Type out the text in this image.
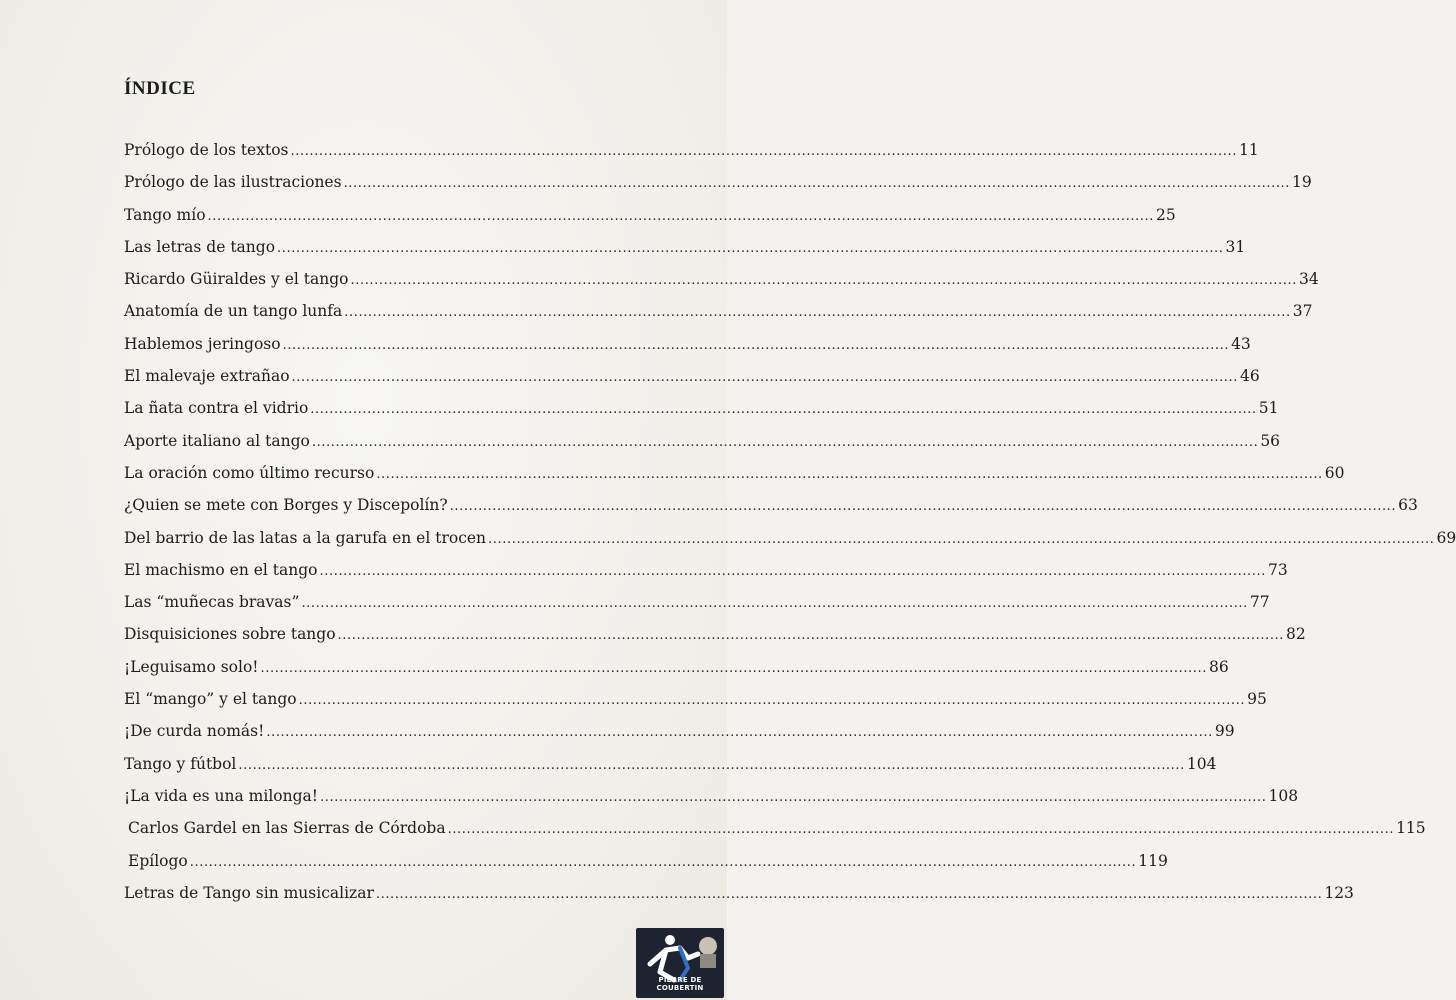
ÍNDICE
Prólogo de los textos ........................................................................................................................................................................................................ 11
Prólogo de las ilustraciones ........................................................................................................................................................................................................ 19
Tango mío ........................................................................................................................................................................................................ 25
Las letras de tango ........................................................................................................................................................................................................ 31
Ricardo Güiraldes y el tango ........................................................................................................................................................................................................ 34
Anatomía de un tango lunfa ........................................................................................................................................................................................................ 37
Hablemos jeringoso ........................................................................................................................................................................................................ 43
El malevaje extrañao ........................................................................................................................................................................................................ 46
La ñata contra el vidrio ........................................................................................................................................................................................................ 51
Aporte italiano al tango ........................................................................................................................................................................................................ 56
La oración como último recurso ........................................................................................................................................................................................................ 60
¿Quien se mete con Borges y Discepolín? ........................................................................................................................................................................................................ 63
Del barrio de las latas a la garufa en el trocen ........................................................................................................................................................................................................ 69
El machismo en el tango ........................................................................................................................................................................................................ 73
Las “muñecas bravas” ........................................................................................................................................................................................................ 77
Disquisiciones sobre tango ........................................................................................................................................................................................................ 82
¡Leguisamo solo! ........................................................................................................................................................................................................ 86
El “mango” y el tango ........................................................................................................................................................................................................ 95
¡De curda nomás! ........................................................................................................................................................................................................ 99
Tango y fútbol ........................................................................................................................................................................................................ 104
¡La vida es una milonga! ........................................................................................................................................................................................................ 108
Carlos Gardel en las Sierras de Córdoba ........................................................................................................................................................................................................ 115
Epílogo ........................................................................................................................................................................................................ 119
Letras de Tango sin musicalizar ........................................................................................................................................................................................................ 123
PIERRE DE COUBERTIN
